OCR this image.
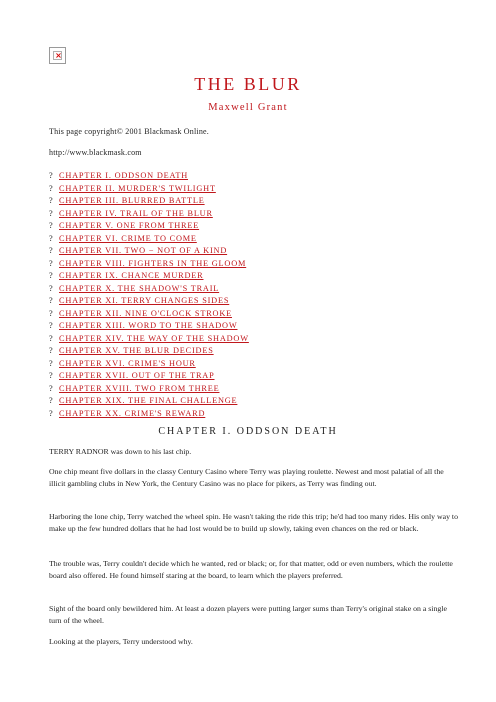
×
THE BLUR
Maxwell Grant
This page copyright© 2001 Blackmask Online.
http://www.blackmask.com
? CHAPTER I. ODDSON DEATH
? CHAPTER II. MURDER'S TWILIGHT
? CHAPTER III. BLURRED BATTLE
? CHAPTER IV. TRAIL OF THE BLUR
? CHAPTER V. ONE FROM THREE
? CHAPTER VI. CRIME TO COME
? CHAPTER VII. TWO − NOT OF A KIND
? CHAPTER VIII. FIGHTERS IN THE GLOOM
? CHAPTER IX. CHANCE MURDER
? CHAPTER X. THE SHADOW'S TRAIL
? CHAPTER XI. TERRY CHANGES SIDES
? CHAPTER XII. NINE O'CLOCK STROKE
? CHAPTER XIII. WORD TO THE SHADOW
? CHAPTER XIV. THE WAY OF THE SHADOW
? CHAPTER XV. THE BLUR DECIDES
? CHAPTER XVI. CRIME'S HOUR
? CHAPTER XVII. OUT OF THE TRAP
? CHAPTER XVIII. TWO FROM THREE
? CHAPTER XIX. THE FINAL CHALLENGE
? CHAPTER XX. CRIME'S REWARD
CHAPTER I. ODDSON DEATH

TERRY RADNOR was down to his last chip.

One chip meant five dollars in the classy Century Casino where Terry was playing roulette. Newest and most palatial of all the illicit gambling clubs in New York, the Century Casino was no place for pikers, as Terry was finding out.

Harboring the lone chip, Terry watched the wheel spin. He wasn't taking the ride this trip; he'd had too many rides. His only way to make up the few hundred dollars that he had lost would be to build up slowly, taking even chances on the red or black.

The trouble was, Terry couldn't decide which he wanted, red or black; or, for that matter, odd or even numbers, which the roulette board also offered. He found himself staring at the board, to learn which the players preferred.

Sight of the board only bewildered him. At least a dozen players were putting larger sums than Terry's original stake on a single turn of the wheel.

Looking at the players, Terry understood why.
